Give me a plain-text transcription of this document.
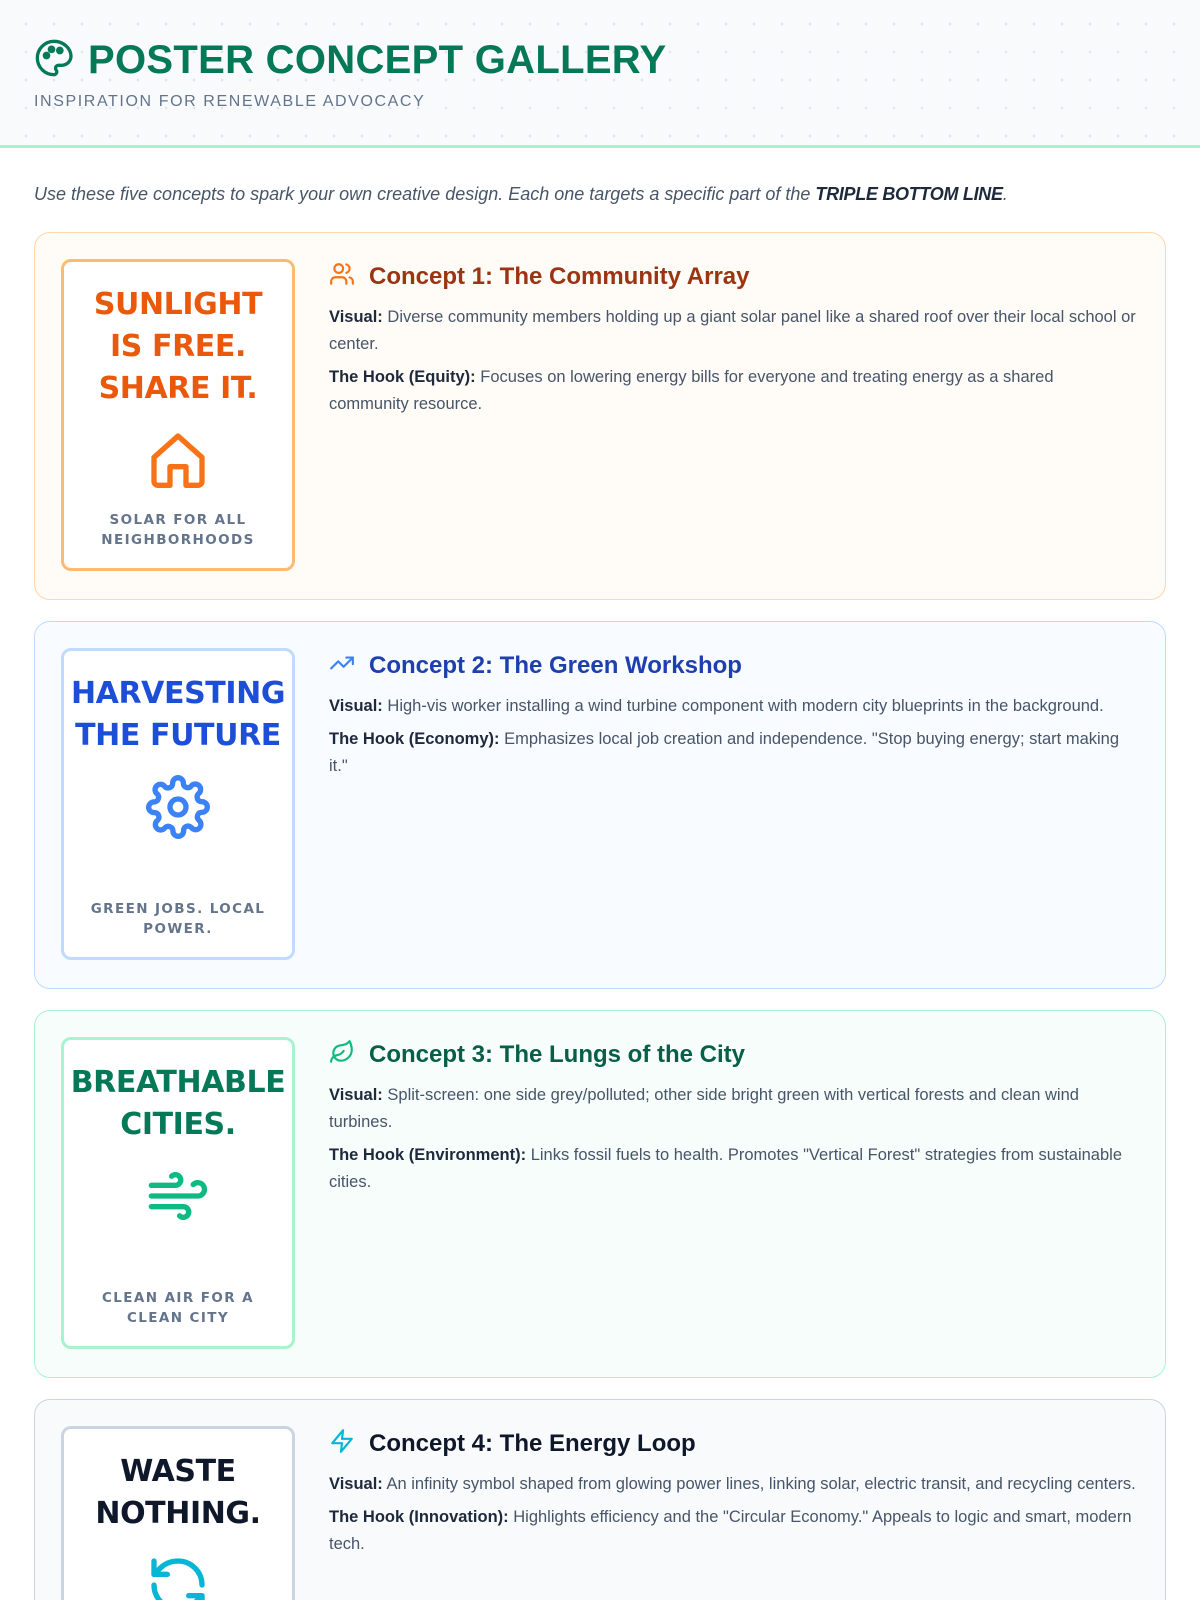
POSTER CONCEPT GALLERY
INSPIRATION FOR RENEWABLE ADVOCACY

Use these five concepts to spark your own creative design. Each one targets a specific part of the TRIPLE BOTTOM LINE.

SUNLIGHT
IS FREE.
SHARE IT.
SOLAR FOR ALL NEIGHBORHOODS
Concept 1: The Community Array

Visual: Diverse community members holding up a giant solar panel like a shared roof over their local school or center.

The Hook (Equity): Focuses on lowering energy bills for everyone and treating energy as a shared community resource.

HARVESTING
THE FUTURE
GREEN JOBS. LOCAL POWER.
Concept 2: The Green Workshop

Visual: High-vis worker installing a wind turbine component with modern city blueprints in the background.

The Hook (Economy): Emphasizes local job creation and independence. "Stop buying energy; start making it."

BREATHABLE
CITIES.
CLEAN AIR FOR A CLEAN CITY
Concept 3: The Lungs of the City

Visual: Split-screen: one side grey/polluted; other side bright green with vertical forests and clean wind turbines.

The Hook (Environment): Links fossil fuels to health. Promotes "Vertical Forest" strategies from sustainable cities.

WASTE
NOTHING.
Concept 4: The Energy Loop

Visual: An infinity symbol shaped from glowing power lines, linking solar, electric transit, and recycling centers.

The Hook (Innovation): Highlights efficiency and the "Circular Economy." Appeals to logic and smart, modern tech.
